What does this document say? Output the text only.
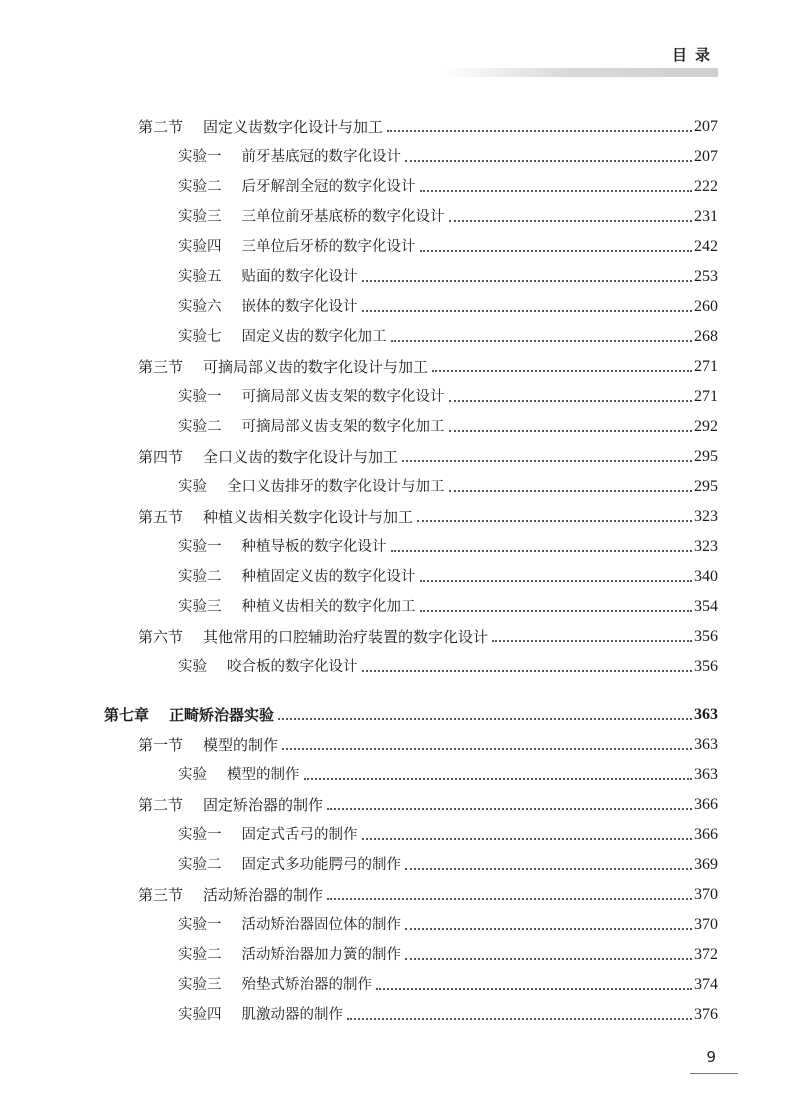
目录
第二节 固定义齿数字化设计与加工	207
实验一 前牙基底冠的数字化设计	207
实验二 后牙解剖全冠的数字化设计	222
实验三 三单位前牙基底桥的数字化设计	231
实验四 三单位后牙桥的数字化设计	242
实验五 贴面的数字化设计	253
实验六 嵌体的数字化设计	260
实验七 固定义齿的数字化加工	268
第三节 可摘局部义齿的数字化设计与加工	271
实验一 可摘局部义齿支架的数字化设计	271
实验二 可摘局部义齿支架的数字化加工	292
第四节 全口义齿的数字化设计与加工	295
实验 全口义齿排牙的数字化设计与加工	295
第五节 种植义齿相关数字化设计与加工	323
实验一 种植导板的数字化设计	323
实验二 种植固定义齿的数字化设计	340
实验三 种植义齿相关的数字化加工	354
第六节 其他常用的口腔辅助治疗装置的数字化设计	356
实验 咬合板的数字化设计	356
第七章 正畸矫治器实验	363
第一节 模型的制作	363
实验 模型的制作	363
第二节 固定矫治器的制作	366
实验一 固定式舌弓的制作	366
实验二 固定式多功能腭弓的制作	369
第三节 活动矫治器的制作	370
实验一 活动矫治器固位体的制作	370
实验二 活动矫治器加力簧的制作	372
实验三 殆垫式矫治器的制作	374
实验四 肌激动器的制作	376
9
